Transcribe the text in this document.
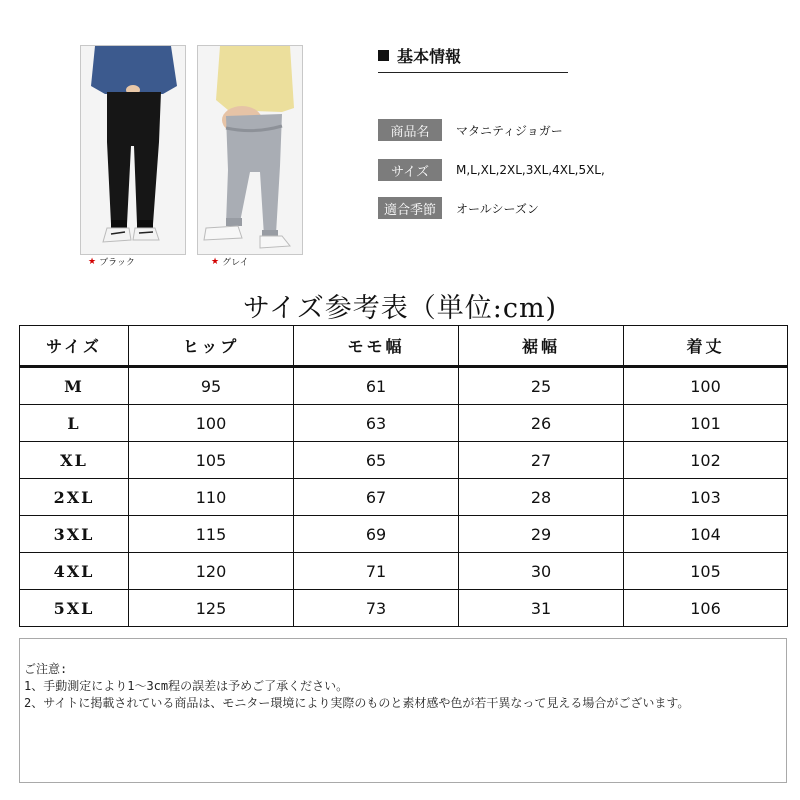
★ ブラック	★ グレイ
基本情報
商品名	マタニティジョガー
サイズ	M,L,XL,2XL,3XL,4XL,5XL,
適合季節	オールシーズン
サイズ参考表（単位:cm)
サイズ	ヒップ	モモ幅	裾幅	着丈
M	95	61	25	100
L	100	63	26	101
XL	105	65	27	102
2XL	110	67	28	103
3XL	115	69	29	104
4XL	120	71	30	105
5XL	125	73	31	106
ご注意:
1、手動測定により1～3cm程の誤差は予めご了承ください。
2、サイトに掲載されている商品は、モニター環境により実際のものと素材感や色が若干異なって見える場合がございます。
